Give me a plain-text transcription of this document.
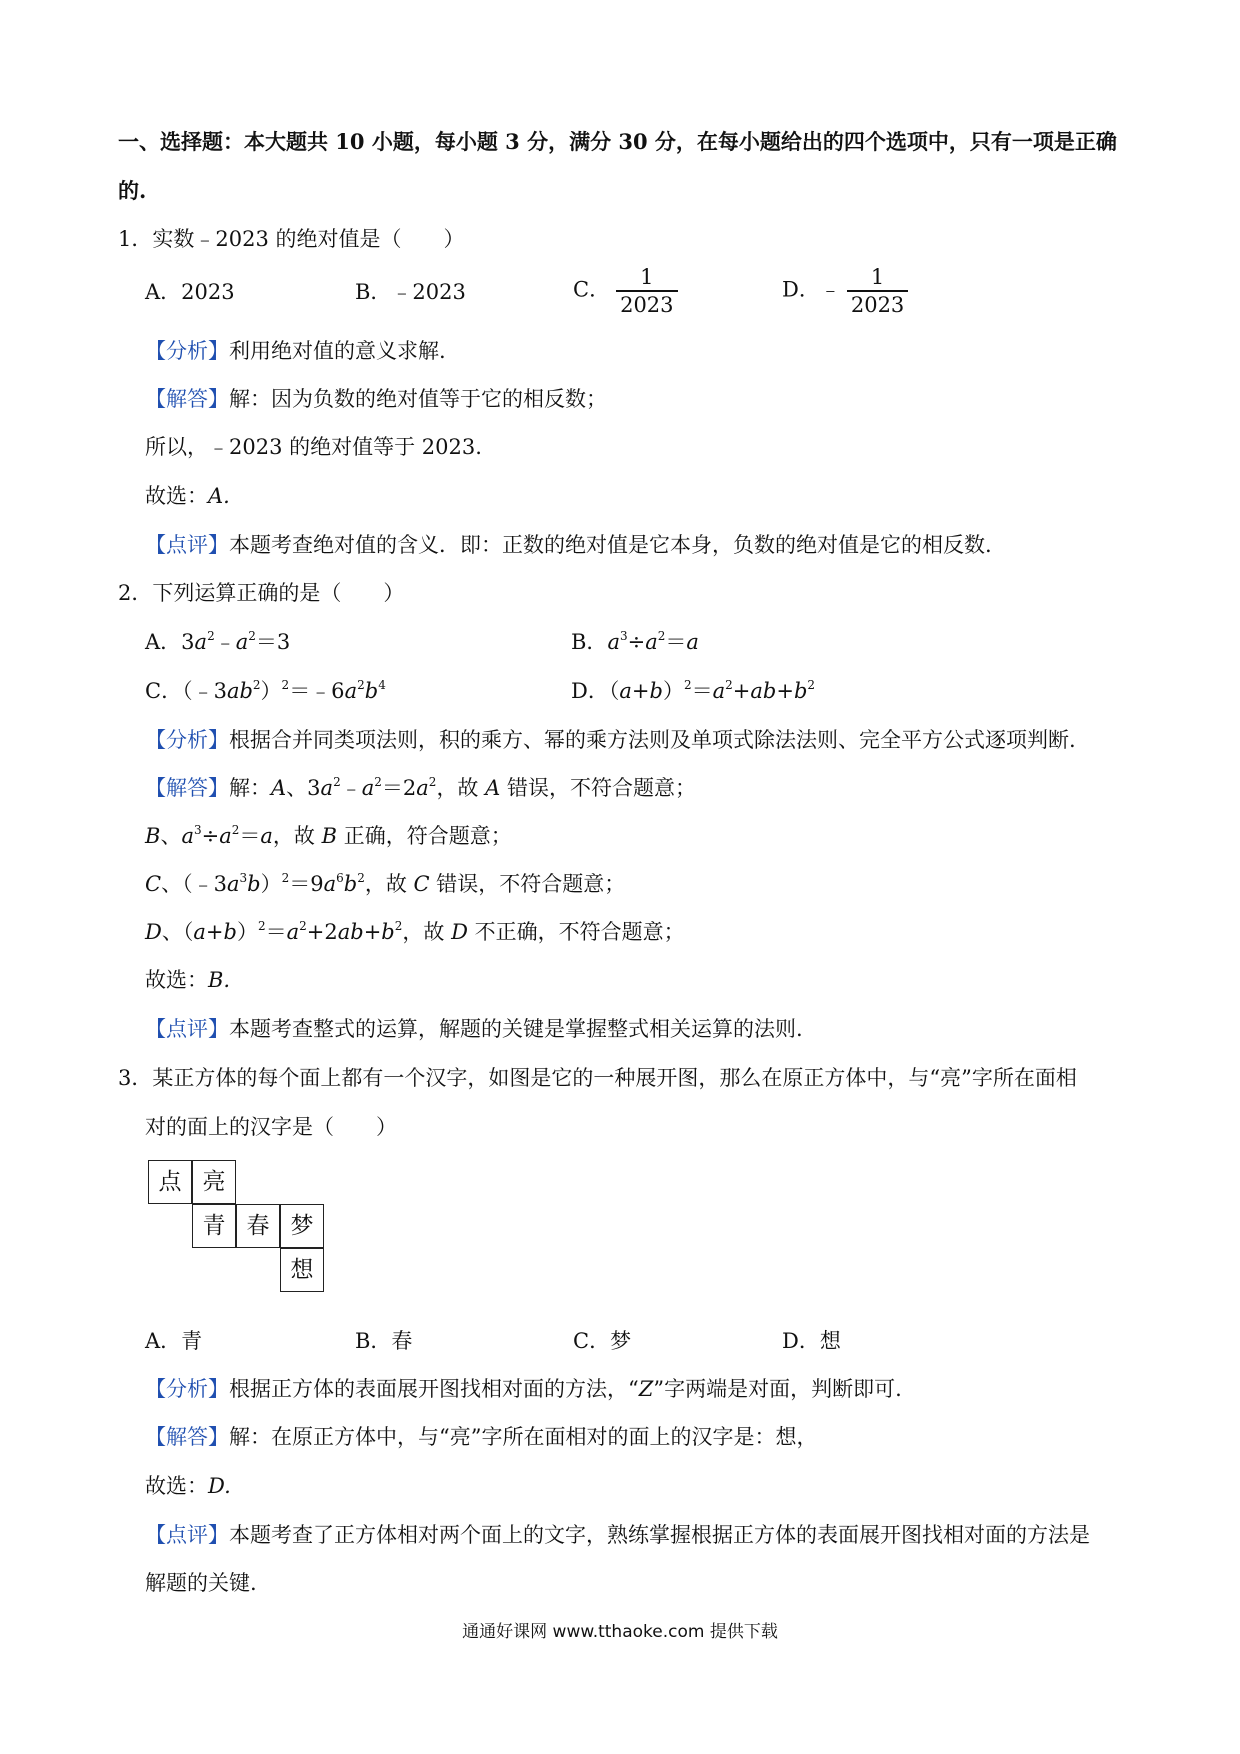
一、选择题：本大题共 10 小题，每小题 3 分，满分 30 分，在每小题给出的四个选项中，只有一项是正确
的.
1．实数﹣2023 的绝对值是（　　）
A．2023	B．﹣2023	C． $\frac{1}{2023}$	D．﹣ $\frac{1}{2023}$
【分析】利用绝对值的意义求解.
【解答】解：因为负数的绝对值等于它的相反数；
所以，﹣2023 的绝对值等于 2023.
故选：A.
【点评】本题考查绝对值的含义．即：正数的绝对值是它本身，负数的绝对值是它的相反数.
2．下列运算正确的是（　　）
A．$3a^2﹣a^2=3$	B．$a^3\div a^2=a$
C．$(﹣3ab^2)^2=﹣6a^2b^4$	D．$(a+b)^2=a^2+ab+b^2$
【分析】根据合并同类项法则，积的乘方、幂的乘方法则及单项式除法法则、完全平方公式逐项判断.
【解答】解：A、$3a^2﹣a^2=2a^2$，故 A 错误，不符合题意；
B、$a^3\div a^2=a$，故 B 正确，符合题意；
C、$(﹣3a^3b)^2=9a^6b^2$，故 C 错误，不符合题意；
D、$(a+b)^2=a^2+2ab+b^2$，故 D 不正确，不符合题意；
故选：B.
【点评】本题考查整式的运算，解题的关键是掌握整式相关运算的法则.
3．某正方体的每个面上都有一个汉字，如图是它的一种展开图，那么在原正方体中，与“亮”字所在面相
对的面上的汉字是（　　）
点 亮
青 春 梦
想
A．青	B．春	C．梦	D．想
【分析】根据正方体的表面展开图找相对面的方法，“Z”字两端是对面，判断即可.
【解答】解：在原正方体中，与“亮”字所在面相对的面上的汉字是：想，
故选：D.
【点评】本题考查了正方体相对两个面上的文字，熟练掌握根据正方体的表面展开图找相对面的方法是
解题的关键.
通通好课网 www.tthaoke.com 提供下载
